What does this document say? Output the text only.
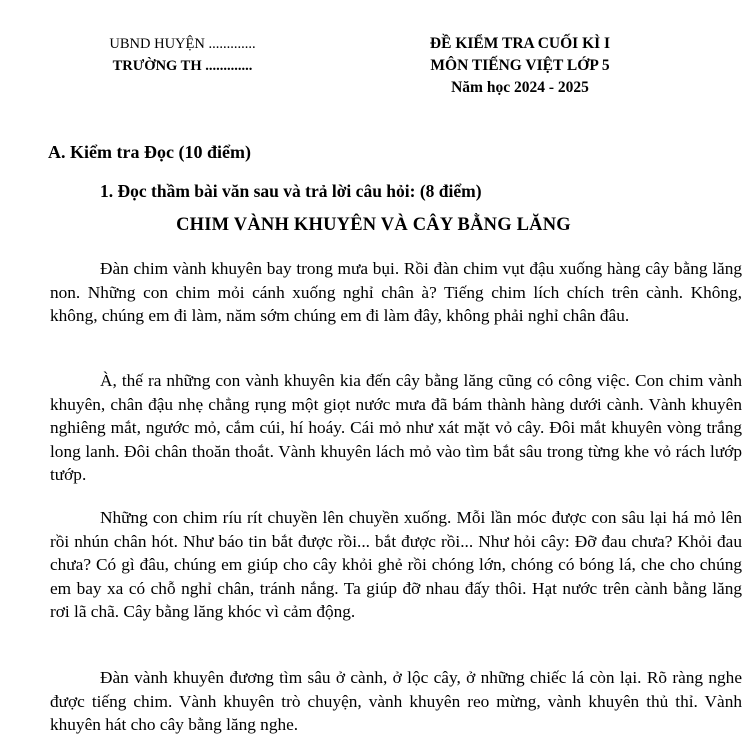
UBND HUYỆN .............
TRƯỜNG TH .............
ĐỀ KIỂM TRA CUỐI KÌ I
MÔN TIẾNG VIỆT LỚP 5
Năm học 2024 - 2025
A. Kiểm tra Đọc (10 điểm)
1. Đọc thầm bài văn sau và trả lời câu hỏi: (8 điểm)
CHIM VÀNH KHUYÊN VÀ CÂY BẰNG LĂNG

Đàn chim vành khuyên bay trong mưa bụi. Rồi đàn chim vụt đậu xuống hàng cây bằng lăng non. Những con chim mỏi cánh xuống nghỉ chân à? Tiếng chim lích chích trên cành. Không, không, chúng em đi làm, năm sớm chúng em đi làm đây, không phải nghỉ chân đâu.

À, thế ra những con vành khuyên kia đến cây bằng lăng cũng có công việc. Con chim vành khuyên, chân đậu nhẹ chẳng rụng một giọt nước mưa đã bám thành hàng dưới cành. Vành khuyên nghiêng mắt, ngước mỏ, cắm cúi, hí hoáy. Cái mỏ như xát mặt vỏ cây. Đôi mắt khuyên vòng trắng long lanh. Đôi chân thoăn thoắt. Vành khuyên lách mỏ vào tìm bắt sâu trong từng khe vỏ rách lướp tướp.

Những con chim ríu rít chuyền lên chuyền xuống. Mỗi lần móc được con sâu lại há mỏ lên rồi nhún chân hót. Như báo tin bắt được rồi... bắt được rồi... Như hỏi cây: Đỡ đau chưa? Khỏi đau chưa? Có gì đâu, chúng em giúp cho cây khỏi ghẻ rồi chóng lớn, chóng có bóng lá, che cho chúng em bay xa có chỗ nghỉ chân, tránh nắng. Ta giúp đỡ nhau đấy thôi. Hạt nước trên cành bằng lăng rơi lã chã. Cây bằng lăng khóc vì cảm động.

Đàn vành khuyên đương tìm sâu ở cành, ở lộc cây, ở những chiếc lá còn lại. Rõ ràng nghe được tiếng chim. Vành khuyên trò chuyện, vành khuyên reo mừng, vành khuyên thủ thỉ. Vành khuyên hát cho cây bằng lăng nghe.
